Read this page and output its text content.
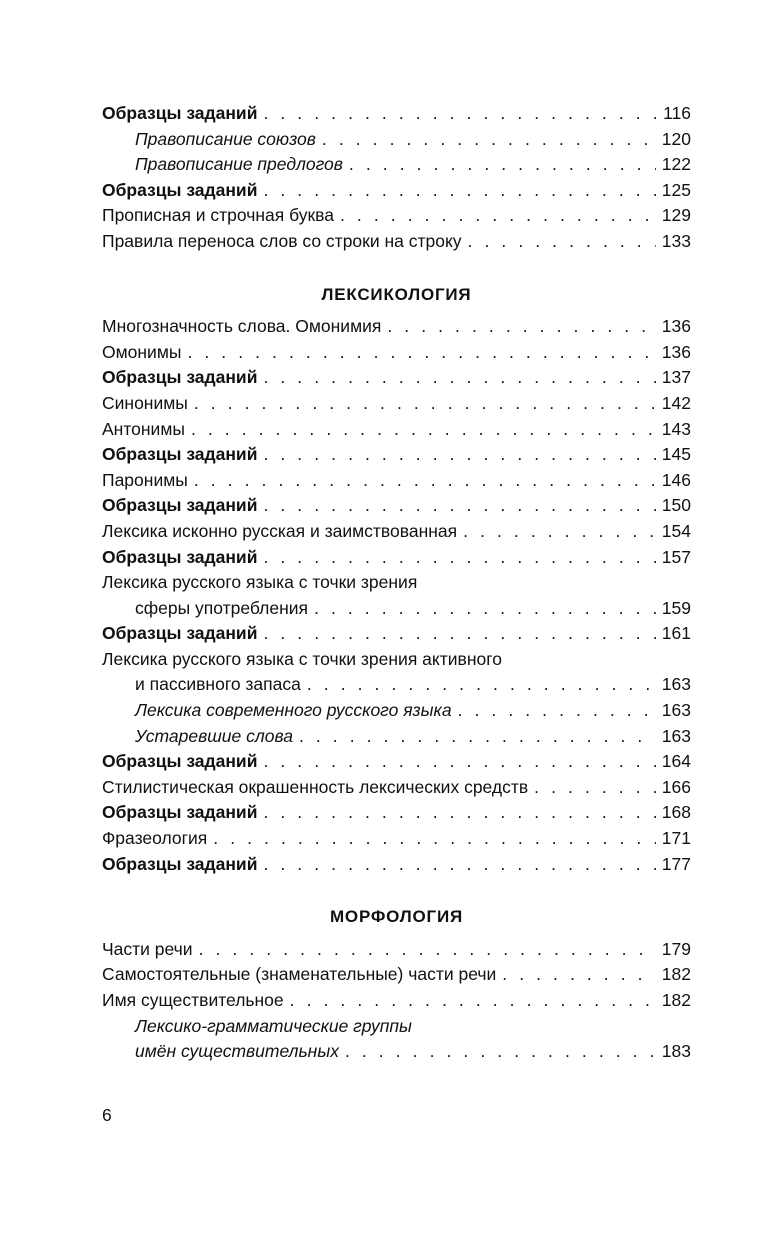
Образцы заданий . . .	116
Правописание союзов . . .	120
Правописание предлогов . . .	122
Образцы заданий . . .	125
Прописная и строчная буква . . .	129
Правила переноса слов со строки на строку . . .	133
ЛЕКСИКОЛОГИЯ
Многозначность слова. Омонимия . . .	136
Омонимы . . .	136
Образцы заданий . . .	137
Синонимы . . .	142
Антонимы . . .	143
Образцы заданий . . .	145
Паронимы . . .	146
Образцы заданий . . .	150
Лексика исконно русская и заимствованная . . .	154
Образцы заданий . . .	157
Лексика русского языка с точки зрения
сферы употребления . . .	159
Образцы заданий . . .	161
Лексика русского языка с точки зрения активного
и пассивного запаса . . .	163
Лексика современного русского языка . . .	163
Устаревшие слова . . .	163
Образцы заданий . . .	164
Стилистическая окрашенность лексических средств . . .	166
Образцы заданий . . .	168
Фразеология . . .	171
Образцы заданий . . .	177
МОРФОЛОГИЯ
Части речи . . .	179
Самостоятельные (знаменательные) части речи . . .	182
Имя существительное . . .	182
Лексико-грамматические группы
имён существительных . . .	183
6
